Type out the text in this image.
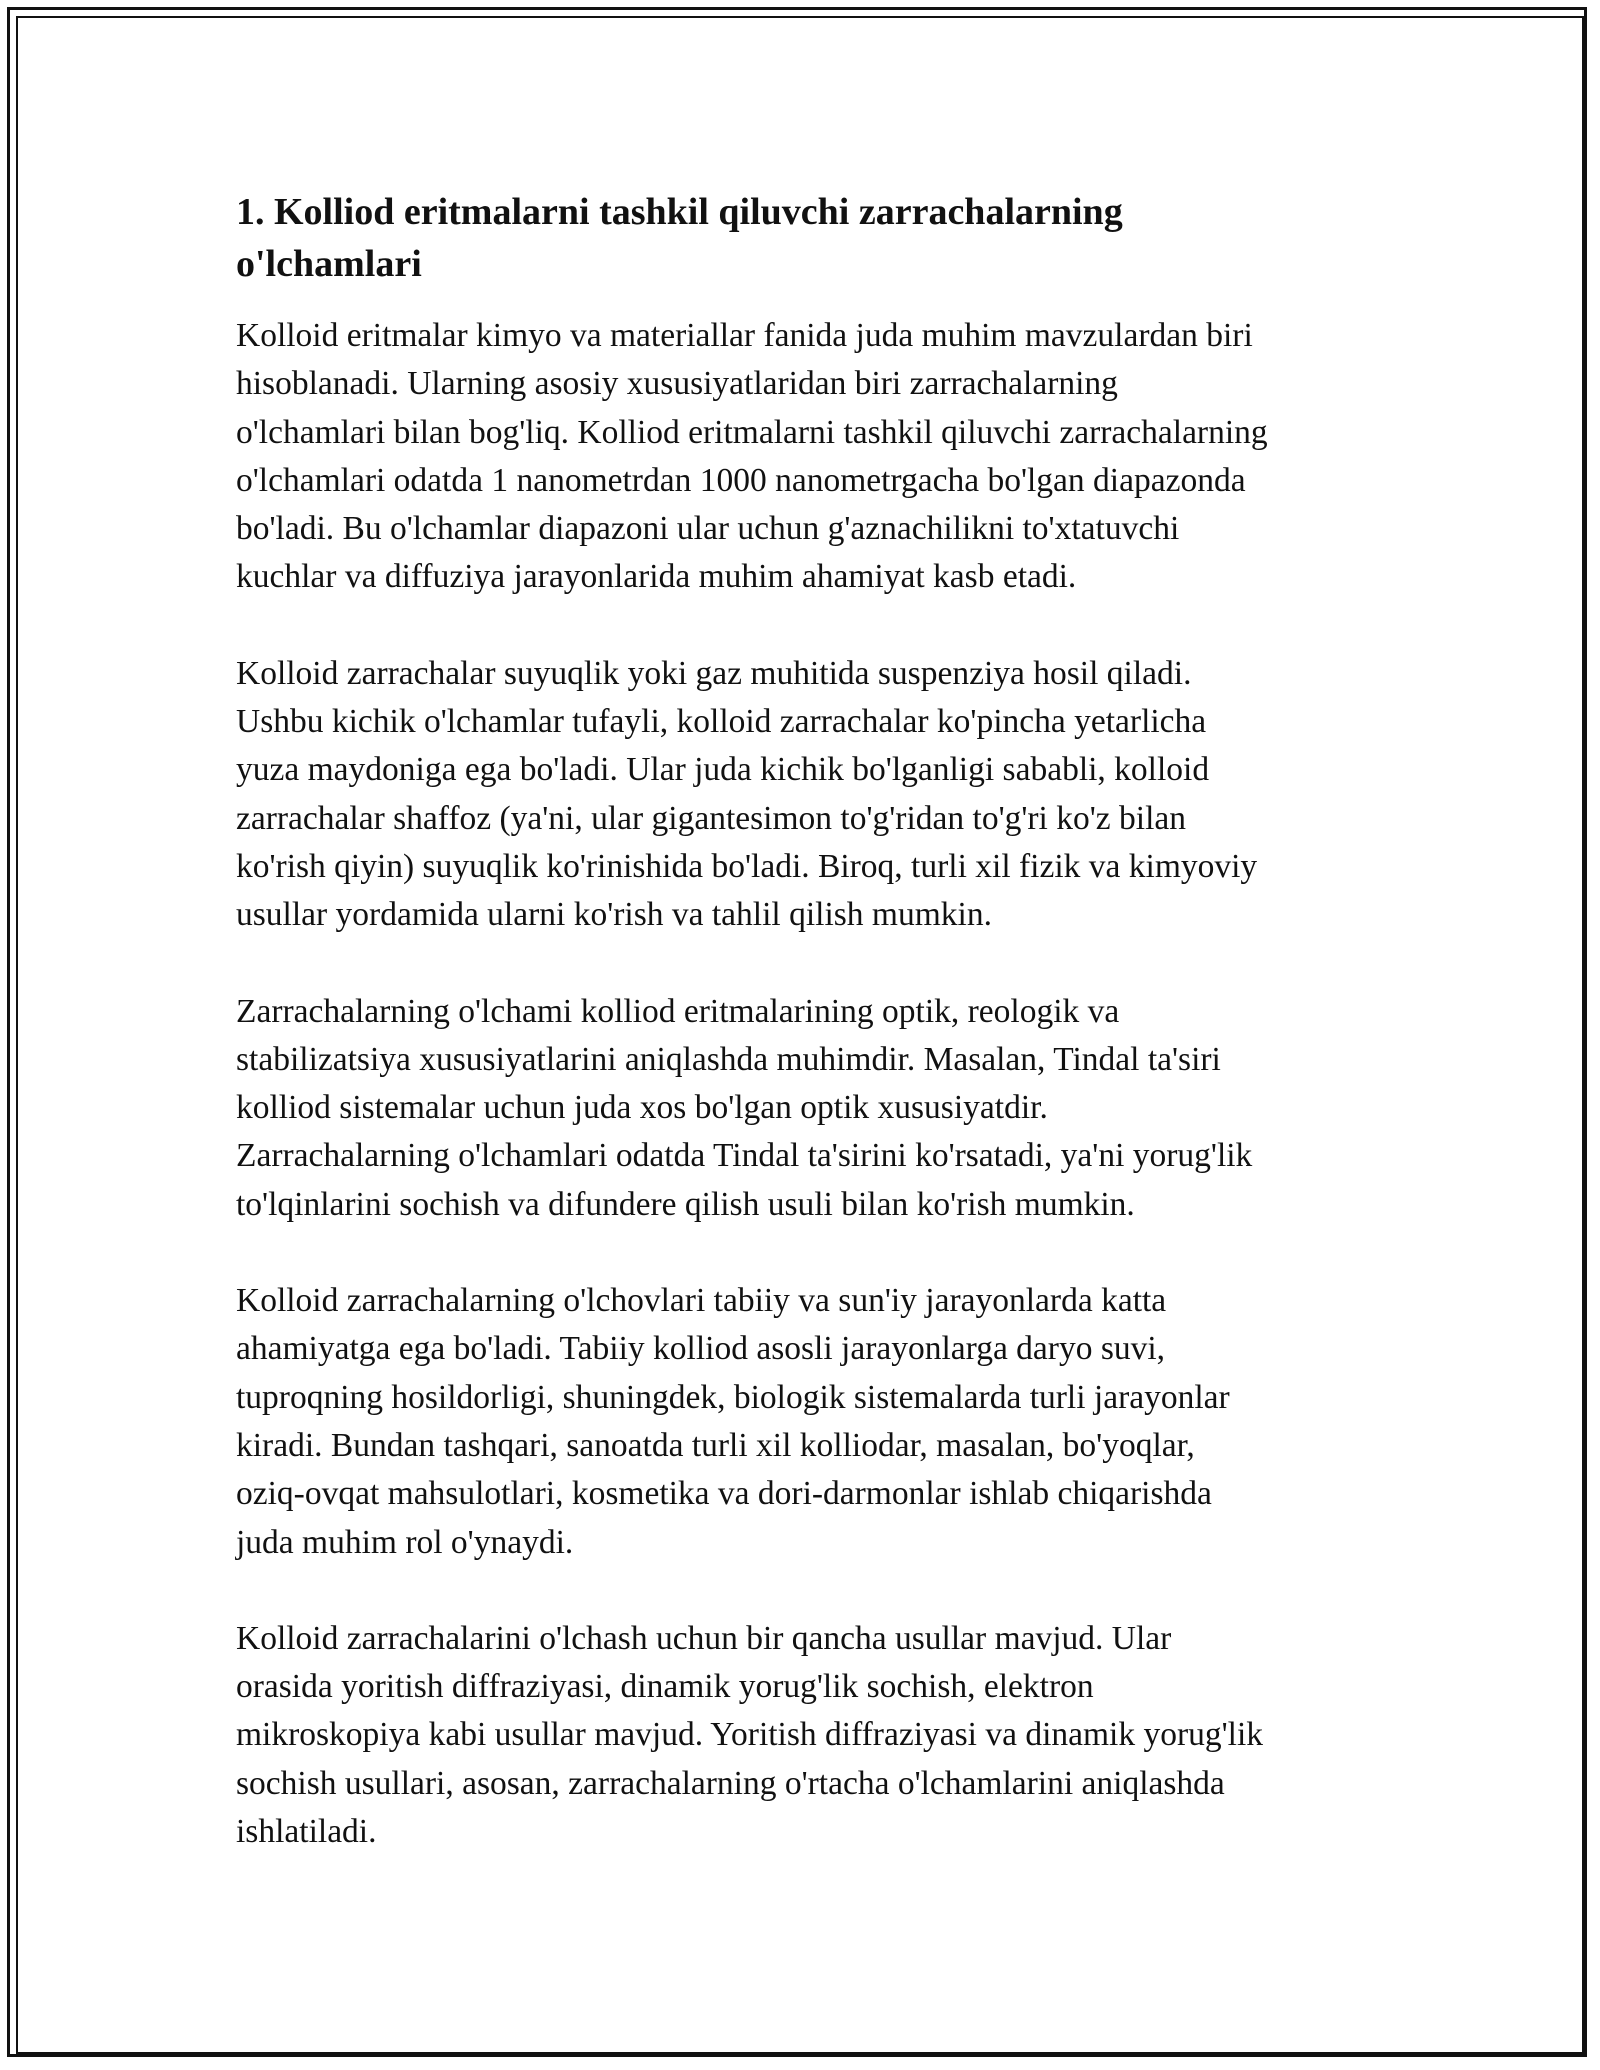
1. Kolliod eritmalarni tashkil qiluvchi zarrachalarning
o'lchamlari

Kolloid eritmalar kimyo va materiallar fanida juda muhim mavzulardan biri
hisoblanadi. Ularning asosiy xususiyatlaridan biri zarrachalarning
o'lchamlari bilan bog'liq. Kolliod eritmalarni tashkil qiluvchi zarrachalarning
o'lchamlari odatda 1 nanometrdan 1000 nanometrgacha bo'lgan diapazonda
bo'ladi. Bu o'lchamlar diapazoni ular uchun g'aznachilikni to'xtatuvchi
kuchlar va diffuziya jarayonlarida muhim ahamiyat kasb etadi.

Kolloid zarrachalar suyuqlik yoki gaz muhitida suspenziya hosil qiladi.
Ushbu kichik o'lchamlar tufayli, kolloid zarrachalar ko'pincha yetarlicha
yuza maydoniga ega bo'ladi. Ular juda kichik bo'lganligi sababli, kolloid
zarrachalar shaffoz (ya'ni, ular gigantesimon to'g'ridan to'g'ri ko'z bilan
ko'rish qiyin) suyuqlik ko'rinishida bo'ladi. Biroq, turli xil fizik va kimyoviy
usullar yordamida ularni ko'rish va tahlil qilish mumkin.

Zarrachalarning o'lchami kolliod eritmalarining optik, reologik va
stabilizatsiya xususiyatlarini aniqlashda muhimdir. Masalan, Tindal ta'siri
kolliod sistemalar uchun juda xos bo'lgan optik xususiyatdir.
Zarrachalarning o'lchamlari odatda Tindal ta'sirini ko'rsatadi, ya'ni yorug'lik
to'lqinlarini sochish va difundere qilish usuli bilan ko'rish mumkin.

Kolloid zarrachalarning o'lchovlari tabiiy va sun'iy jarayonlarda katta
ahamiyatga ega bo'ladi. Tabiiy kolliod asosli jarayonlarga daryo suvi,
tuproqning hosildorligi, shuningdek, biologik sistemalarda turli jarayonlar
kiradi. Bundan tashqari, sanoatda turli xil kolliodar, masalan, bo'yoqlar,
oziq-ovqat mahsulotlari, kosmetika va dori-darmonlar ishlab chiqarishda
juda muhim rol o'ynaydi.

Kolloid zarrachalarini o'lchash uchun bir qancha usullar mavjud. Ular
orasida yoritish diffraziyasi, dinamik yorug'lik sochish, elektron
mikroskopiya kabi usullar mavjud. Yoritish diffraziyasi va dinamik yorug'lik
sochish usullari, asosan, zarrachalarning o'rtacha o'lchamlarini aniqlashda
ishlatiladi.
